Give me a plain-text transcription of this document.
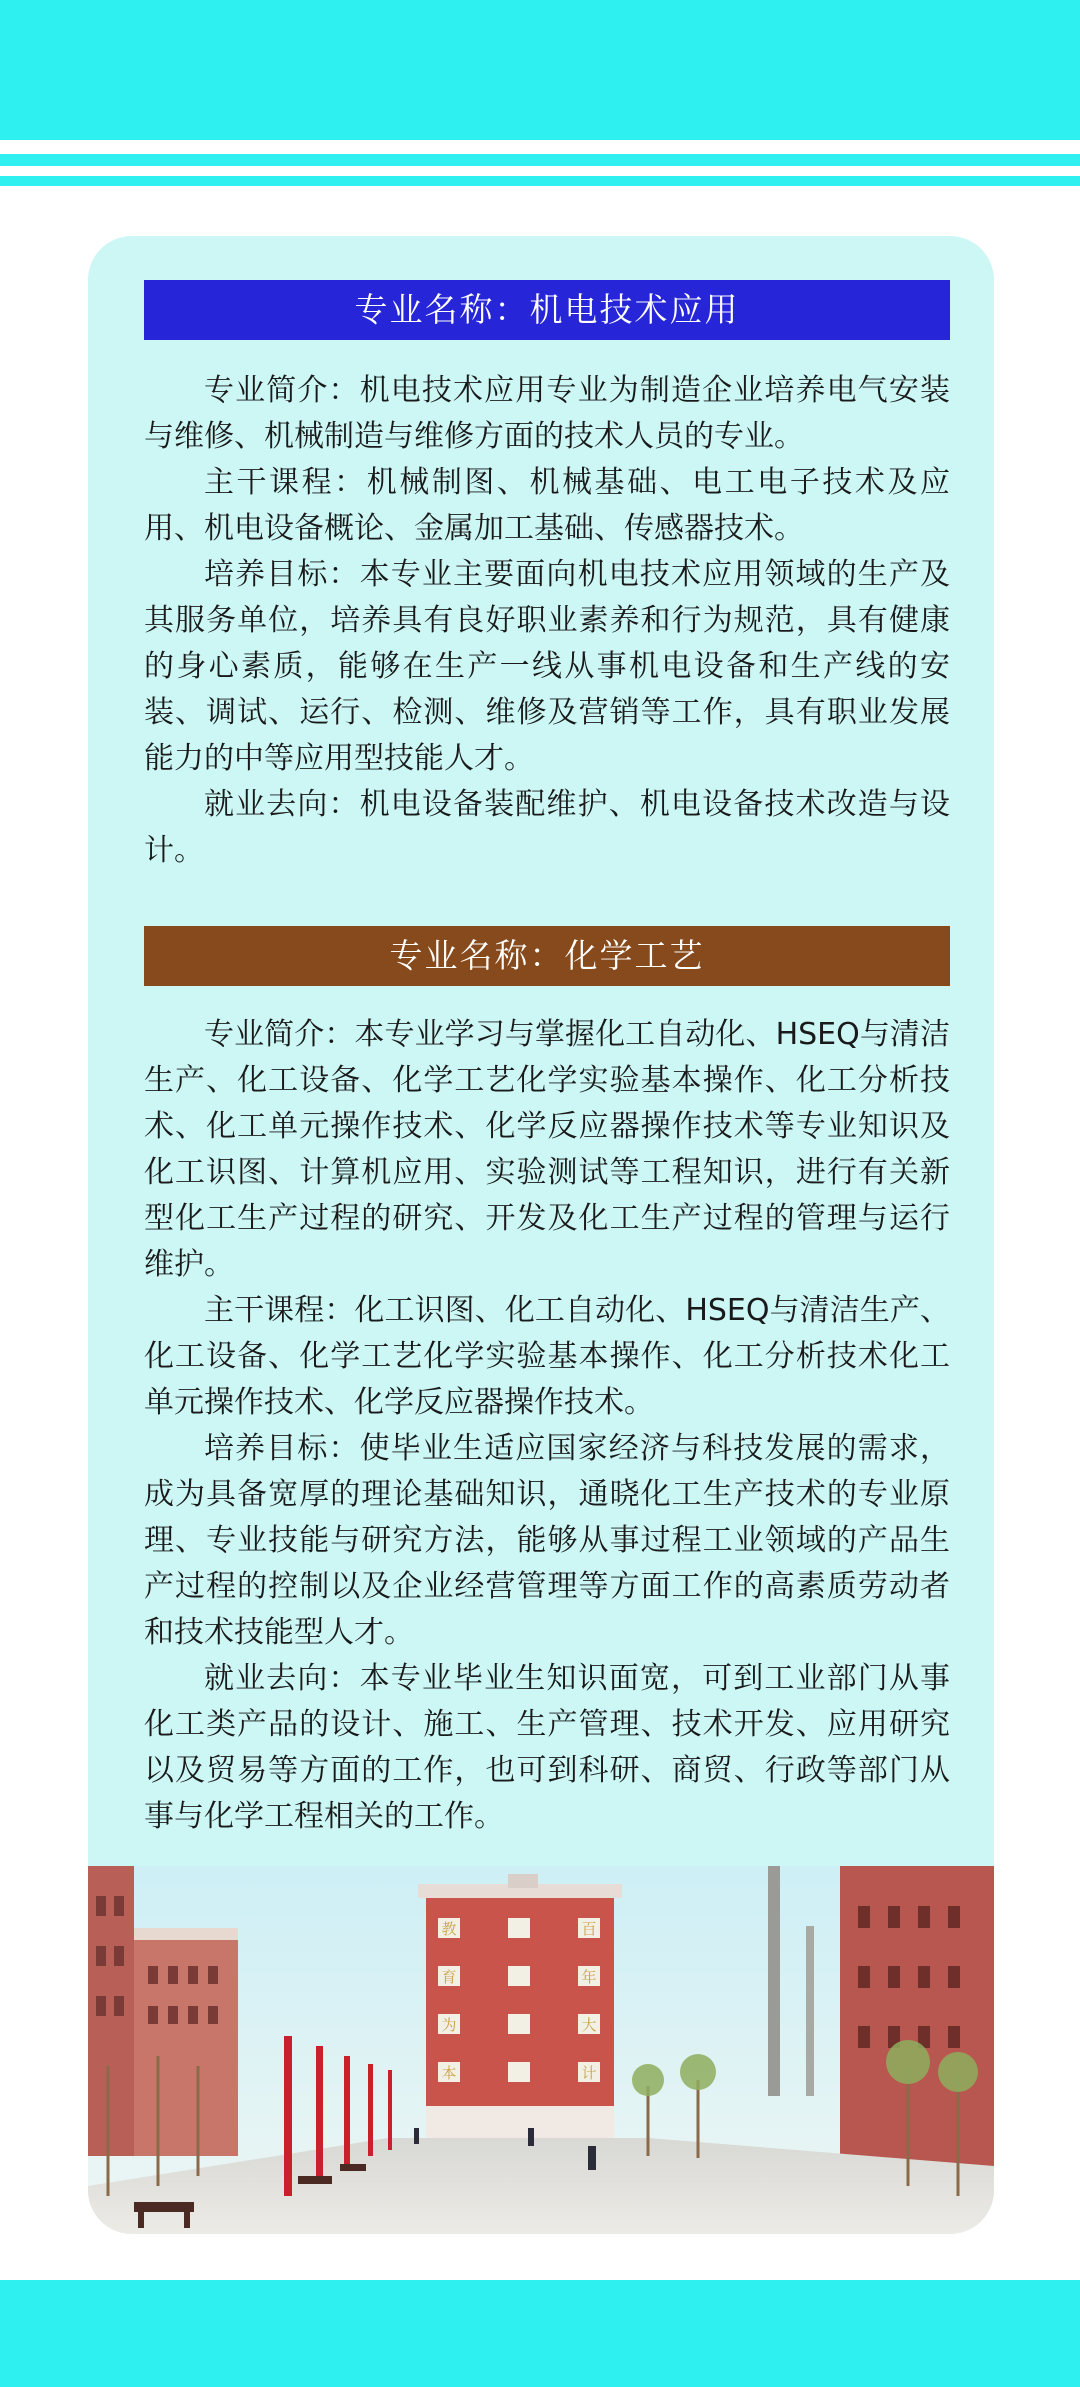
专业名称：机电技术应用

专业简介：机电技术应用专业为制造企业培养电气安装与维修、机械制造与维修方面的技术人员的专业。

主干课程：机械制图、机械基础、电工电子技术及应用、机电设备概论、金属加工基础、传感器技术。

培养目标：本专业主要面向机电技术应用领域的生产及其服务单位，培养具有良好职业素养和行为规范，具有健康的身心素质，能够在生产一线从事机电设备和生产线的安装、调试、运行、检测、维修及营销等工作，具有职业发展能力的中等应用型技能人才。

就业去向：机电设备装配维护、机电设备技术改造与设计。

专业名称：化学工艺

专业简介：本专业学习与掌握化工自动化、HSEQ与清洁生产、化工设备、化学工艺化学实验基本操作、化工分析技术、化工单元操作技术、化学反应器操作技术等专业知识及化工识图、计算机应用、实验测试等工程知识，进行有关新型化工生产过程的研究、开发及化工生产过程的管理与运行维护。

主干课程：化工识图、化工自动化、HSEQ与清洁生产、化工设备、化学工艺化学实验基本操作、化工分析技术化工单元操作技术、化学反应器操作技术。

培养目标：使毕业生适应国家经济与科技发展的需求，成为具备宽厚的理论基础知识，通晓化工生产技术的专业原理、专业技能与研究方法，能够从事过程工业领域的产品生产过程的控制以及企业经营管理等方面工作的高素质劳动者和技术技能型人才。

就业去向：本专业毕业生知识面宽，可到工业部门从事化工类产品的设计、施工、生产管理、技术开发、应用研究以及贸易等方面的工作，也可到科研、商贸、行政等部门从事与化学工程相关的工作。

教	百
育	年
为	大
本	计
